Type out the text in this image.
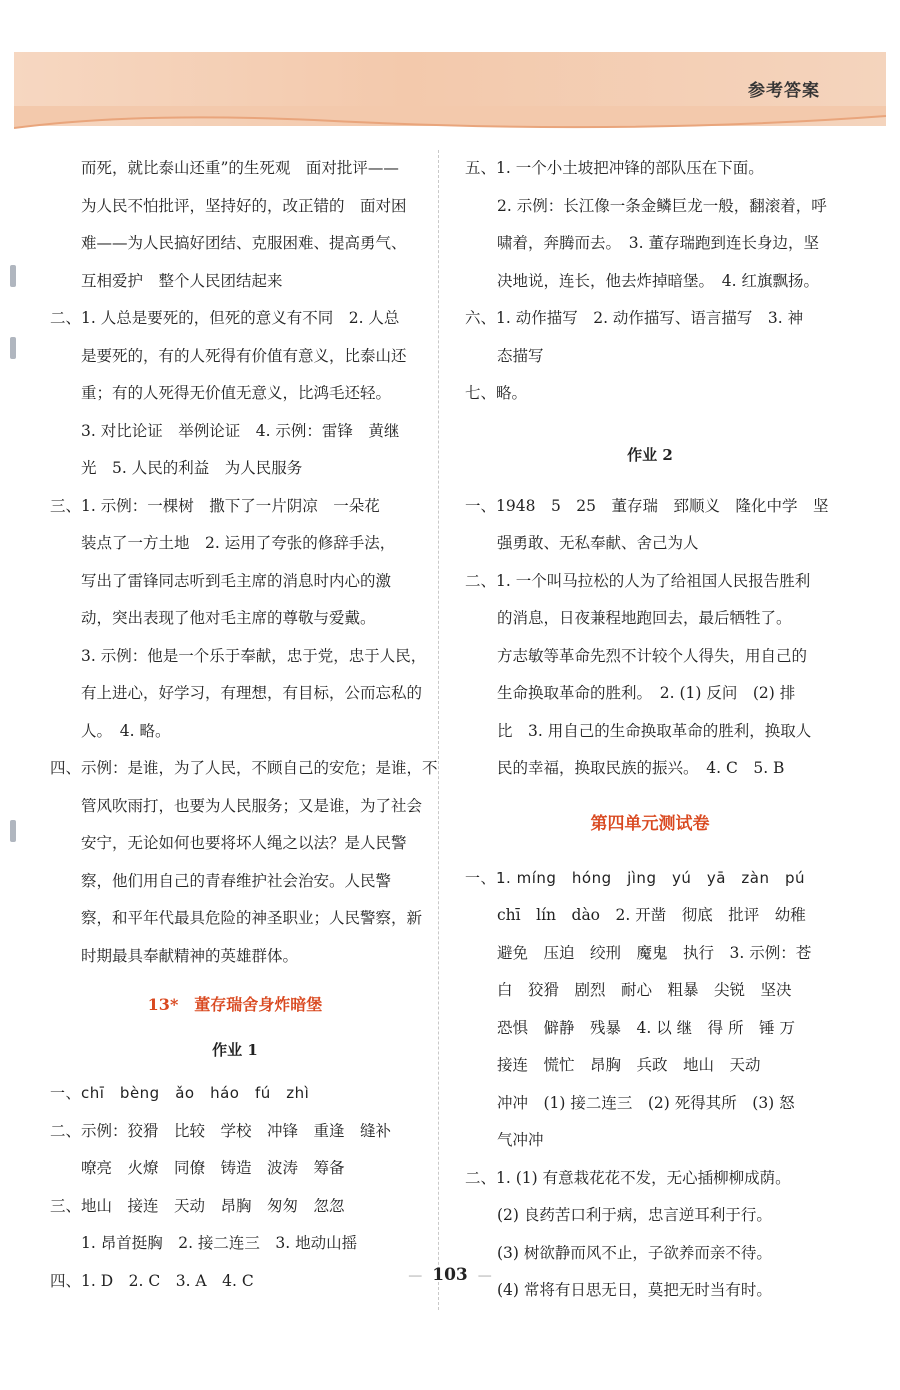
参考答案
而死，就比泰山还重”的生死观　面对批评——
为人民不怕批评，坚持好的，改正错的　面对困
难——为人民搞好团结、克服困难、提高勇气、
互相爱护　整个人民团结起来
二、1. 人总是要死的，但死的意义有不同　2. 人总
是要死的，有的人死得有价值有意义，比泰山还
重；有的人死得无价值无意义，比鸿毛还轻。
3. 对比论证　举例论证　4. 示例：雷锋　黄继
光　5. 人民的利益　为人民服务
三、1. 示例：一棵树　撒下了一片阴凉　一朵花
装点了一方土地　2. 运用了夸张的修辞手法，
写出了雷锋同志听到毛主席的消息时内心的激
动，突出表现了他对毛主席的尊敬与爱戴。
3. 示例：他是一个乐于奉献，忠于党，忠于人民，
有上进心，好学习，有理想，有目标，公而忘私的
人。　4. 略。
四、示例：是谁，为了人民，不顾自己的安危；是谁，不
管风吹雨打，也要为人民服务；又是谁，为了社会
安宁，无论如何也要将坏人绳之以法？是人民警
察，他们用自己的青春维护社会治安。人民警
察，和平年代最具危险的神圣职业；人民警察，新
时期最具奉献精神的英雄群体。
13*　董存瑞舍身炸暗堡
作业 1
一、chī　bèng　ǎo　háo　fú　zhì
二、示例：狡猾　比较　学校　冲锋　重逢　缝补
嘹亮　火燎　同僚　铸造　波涛　筹备
三、地山　接连　天动　昂胸　匆匆　忽忽
1. 昂首挺胸　2. 接二连三　3. 地动山摇
四、1. D　2. C　3. A　4. C
五、1. 一个小土坡把冲锋的部队压在下面。
2. 示例：长江像一条金鳞巨龙一般，翻滚着，呼
啸着，奔腾而去。　3. 董存瑞跑到连长身边，坚
决地说，连长，他去炸掉暗堡。　4. 红旗飘扬。
六、1. 动作描写　2. 动作描写、语言描写　3. 神
态描写
七、略。
作业 2
一、1948　5　25　董存瑞　郅顺义　隆化中学　坚
强勇敢、无私奉献、舍己为人
二、1. 一个叫马拉松的人为了给祖国人民报告胜利
的消息，日夜兼程地跑回去，最后牺牲了。
方志敏等革命先烈不计较个人得失，用自己的
生命换取革命的胜利。　2. (1) 反问　(2) 排
比　3. 用自己的生命换取革命的胜利，换取人
民的幸福，换取民族的振兴。　4. C　5. B
第四单元测试卷
一、1. míng　hóng　jìng　yú　yā　zàn　pú
chī　lín　dào　2. 开凿　彻底　批评　幼稚
避免　压迫　绞刑　魔鬼　执行　3. 示例：苍
白　狡猾　剧烈　耐心　粗暴　尖锐　坚决
恐惧　僻静　残暴　4. 以 继　得 所　锤 万
接连　慌忙　昂胸　兵政　地山　天动
冲冲　(1) 接二连三　(2) 死得其所　(3) 怒
气冲冲
二、1. (1) 有意栽花花不发，无心插柳柳成荫。
(2) 良药苦口利于病，忠言逆耳利于行。
(3) 树欲静而风不止，子欲养而亲不待。
(4) 常将有日思无日，莫把无时当有时。
— 103 —
